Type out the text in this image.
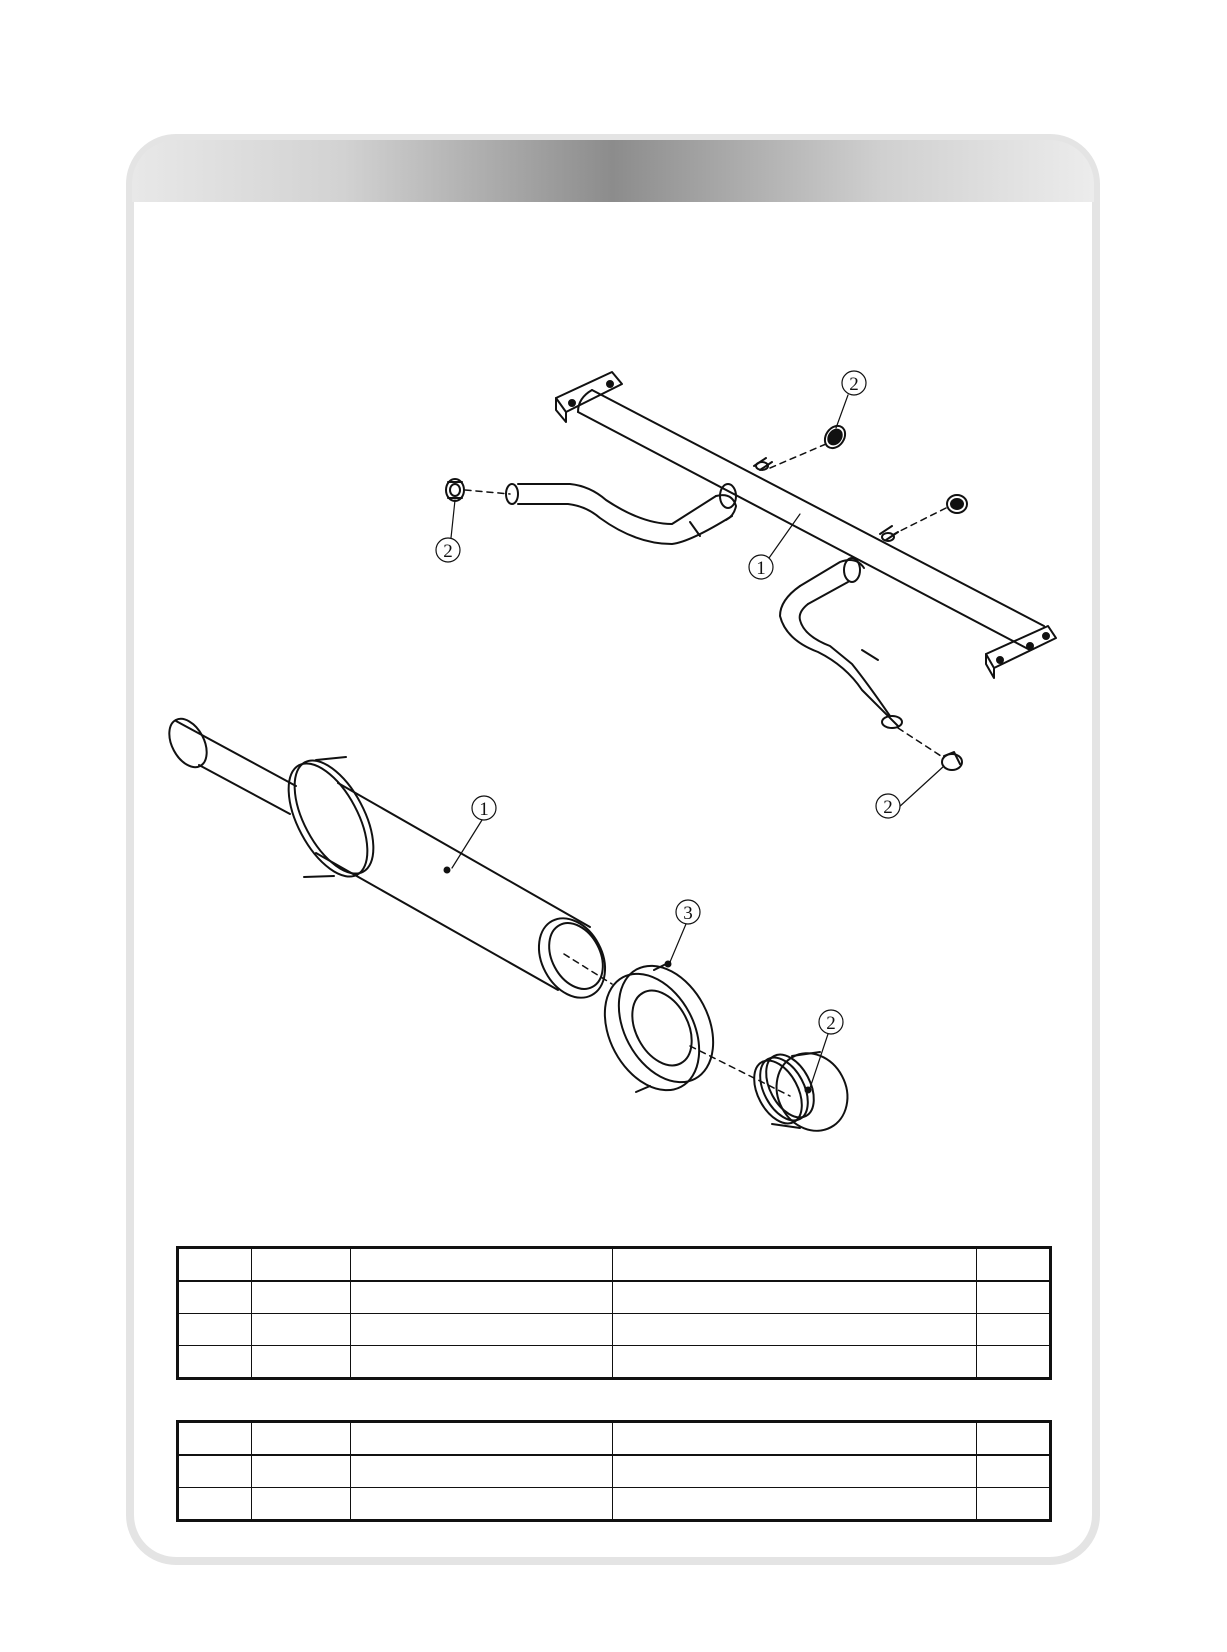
1
2
2
2
1
3
2
